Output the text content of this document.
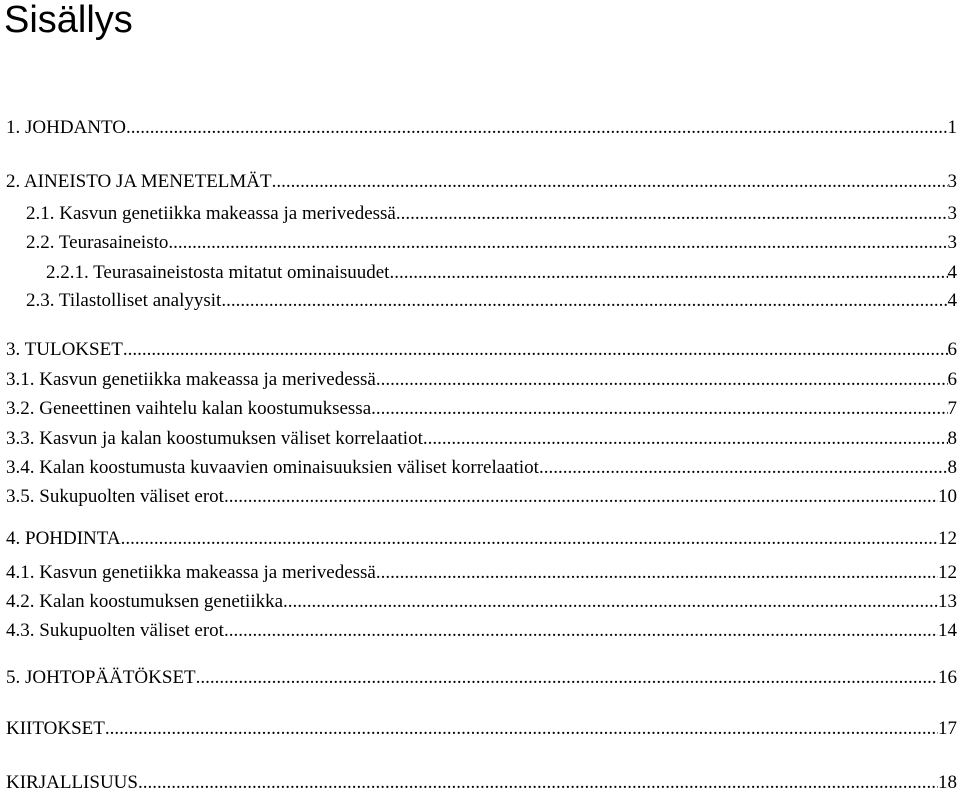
Sisällys
1. JOHDANTO .....	1
2. AINEISTO JA MENETELMÄT .....	3
2.1. Kasvun genetiikka makeassa ja merivedessä .....	3
2.2. Teurasaineisto .....	3
2.2.1. Teurasaineistosta mitatut ominaisuudet .....	4
2.3. Tilastolliset analyysit .....	4
3. TULOKSET .....	6
3.1. Kasvun genetiikka makeassa ja merivedessä .....	6
3.2. Geneettinen vaihtelu kalan koostumuksessa .....	7
3.3. Kasvun ja kalan koostumuksen väliset korrelaatiot .....	8
3.4. Kalan koostumusta kuvaavien ominaisuuksien väliset korrelaatiot .....	8
3.5. Sukupuolten väliset erot .....	10
4. POHDINTA .....	12
4.1. Kasvun genetiikka makeassa ja merivedessä .....	12
4.2. Kalan koostumuksen genetiikka .....	13
4.3. Sukupuolten väliset erot .....	14
5. JOHTOPÄÄTÖKSET .....	16
KIITOKSET .....	17
KIRJALLISUUS .....	18
